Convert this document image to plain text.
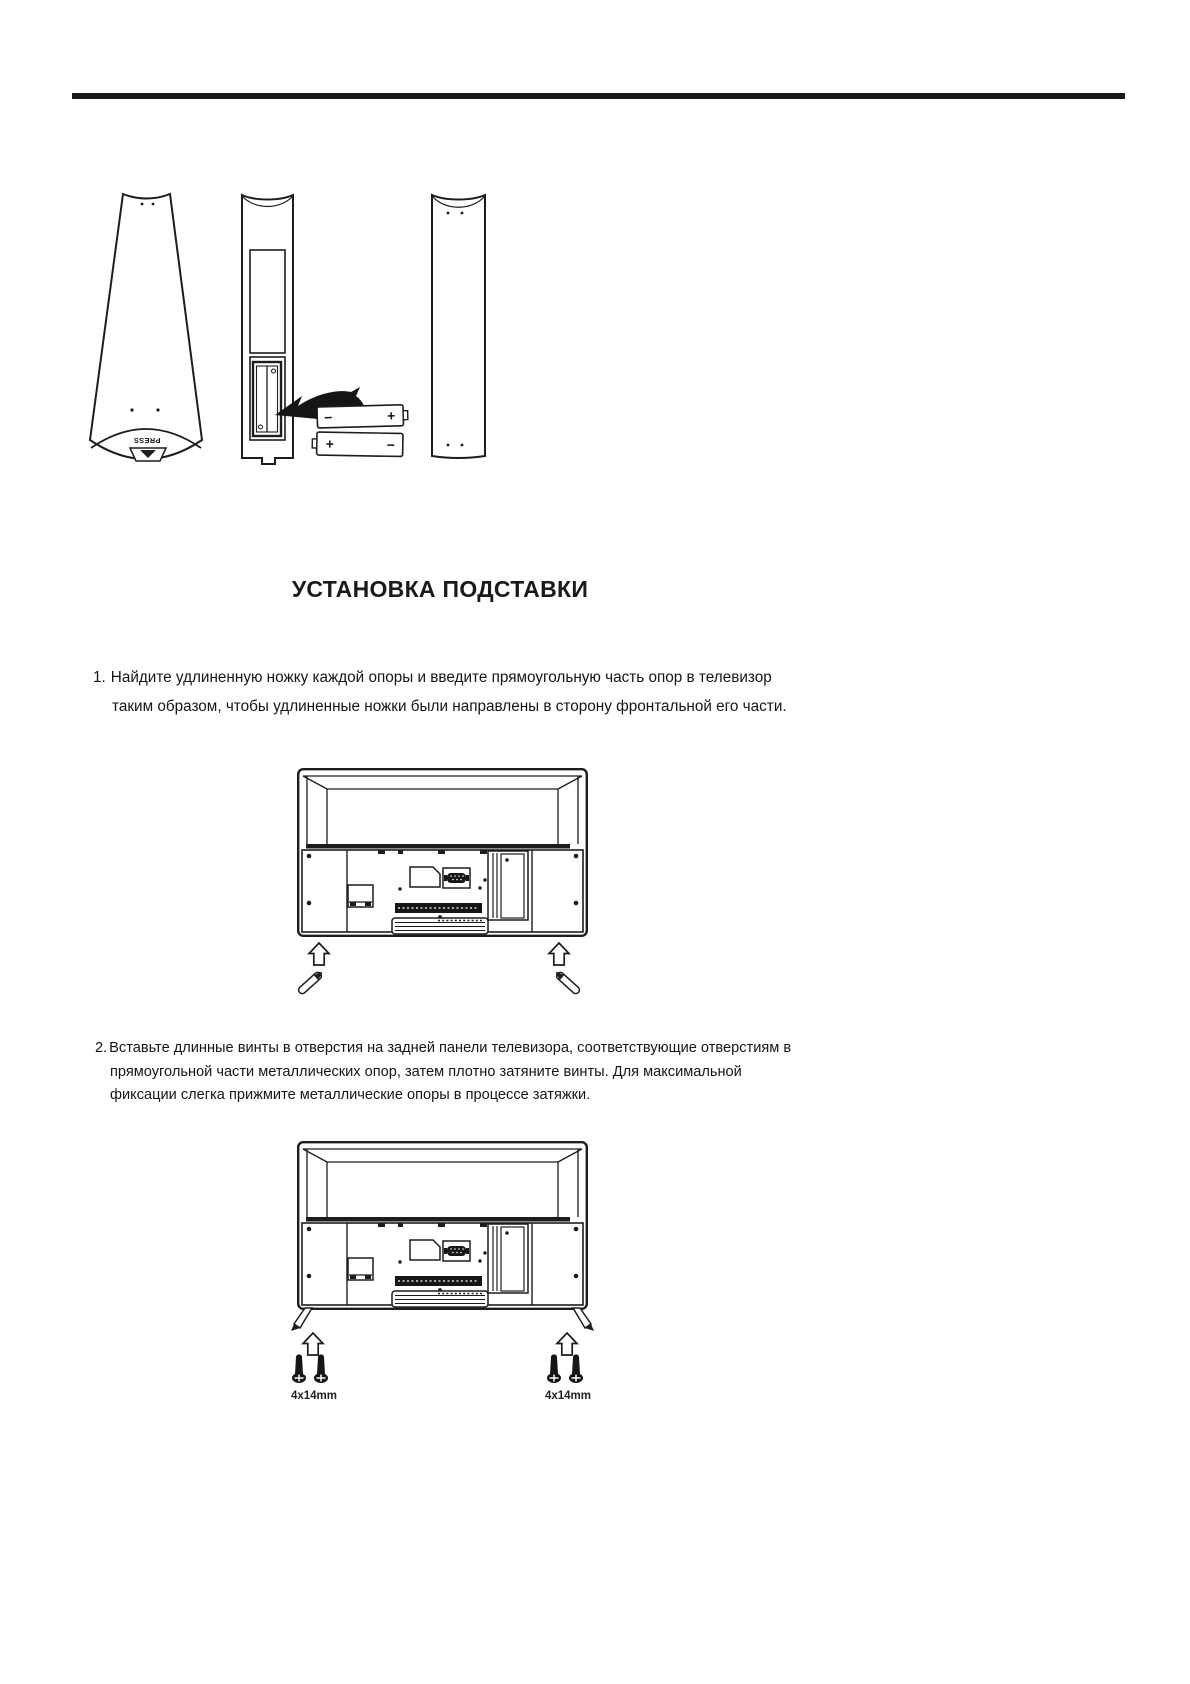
PRESS
−	+
+	−
УСТАНОВКА ПОДСТАВКИ
1. Найдите удлиненную ножку каждой опоры и введите прямоугольную часть опор в телевизор
таким образом, чтобы удлиненные ножки были направлены в сторону фронтальной его части.
2. Вставьте длинные винты в отверстия на задней панели телевизора, соответствующие отверстиям в
прямоугольной части металлических опор, затем плотно затяните винты. Для максимальной
фиксации слегка прижмите металлические опоры в процессе затяжки.
4x14mm	4x14mm
